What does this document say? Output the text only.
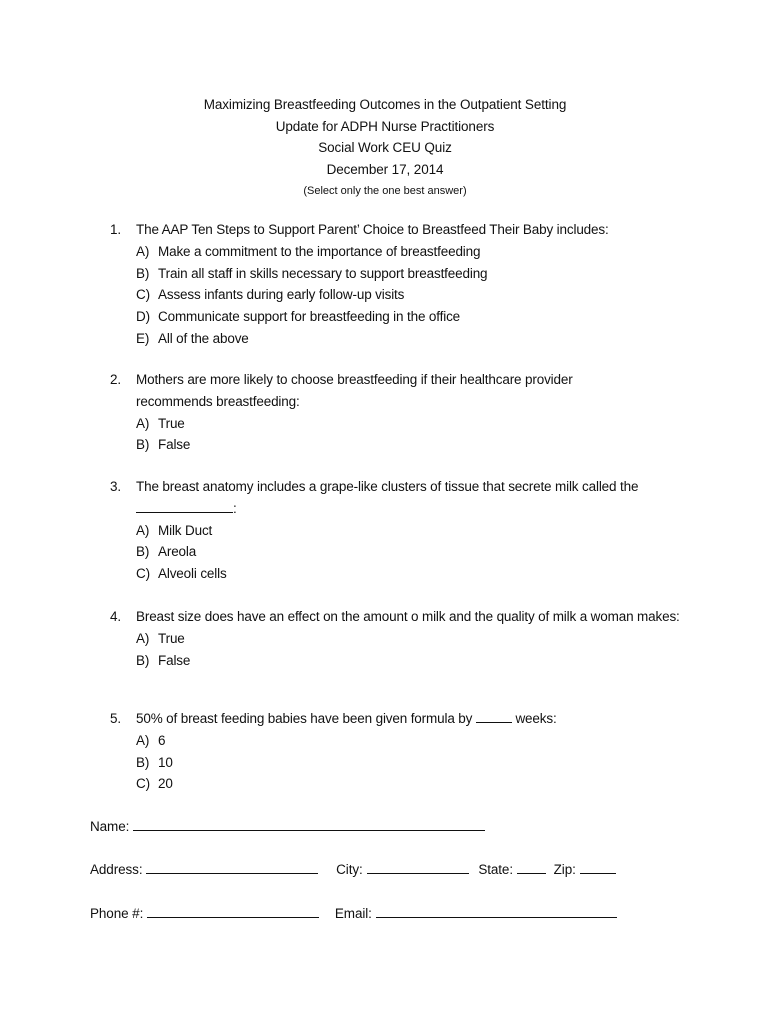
Maximizing Breastfeeding Outcomes in the Outpatient Setting
Update for ADPH Nurse Practitioners
Social Work CEU Quiz
December 17, 2014
(Select only the one best answer)
1. The AAP Ten Steps to Support Parent’ Choice to Breastfeed Their Baby includes:
A) Make a commitment to the importance of breastfeeding
B) Train all staff in skills necessary to support breastfeeding
C) Assess infants during early follow-up visits
D) Communicate support for breastfeeding in the office
E) All of the above
2. Mothers are more likely to choose breastfeeding if their healthcare provider recommends breastfeeding:
A) True
B) False
3. The breast anatomy includes a grape-like clusters of tissue that secrete milk called the
:
A) Milk Duct
B) Areola
C) Alveoli cells
4. Breast size does have an effect on the amount o milk and the quality of milk a woman makes:
A) True
B) False
5. 50% of breast feeding babies have been given formula by	weeks:
A) 6
B) 10
C) 20
Name:
Address:	City:	State:	Zip:
Phone #:	Email:
